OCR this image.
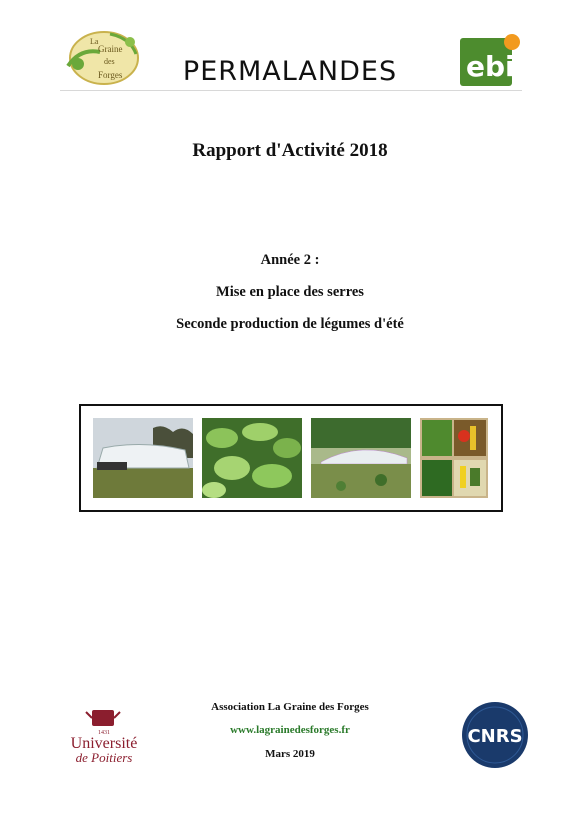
La
Graine
des
Forges	PERMALANDES	ebi
Rapport d'Activité 2018
Année 2 :
Mise en place des serres
Seconde production de légumes d'été
1431
Université
de Poitiers
Association La Graine des Forges
www.lagrainedesforges.fr
Mars 2019
CNRS
